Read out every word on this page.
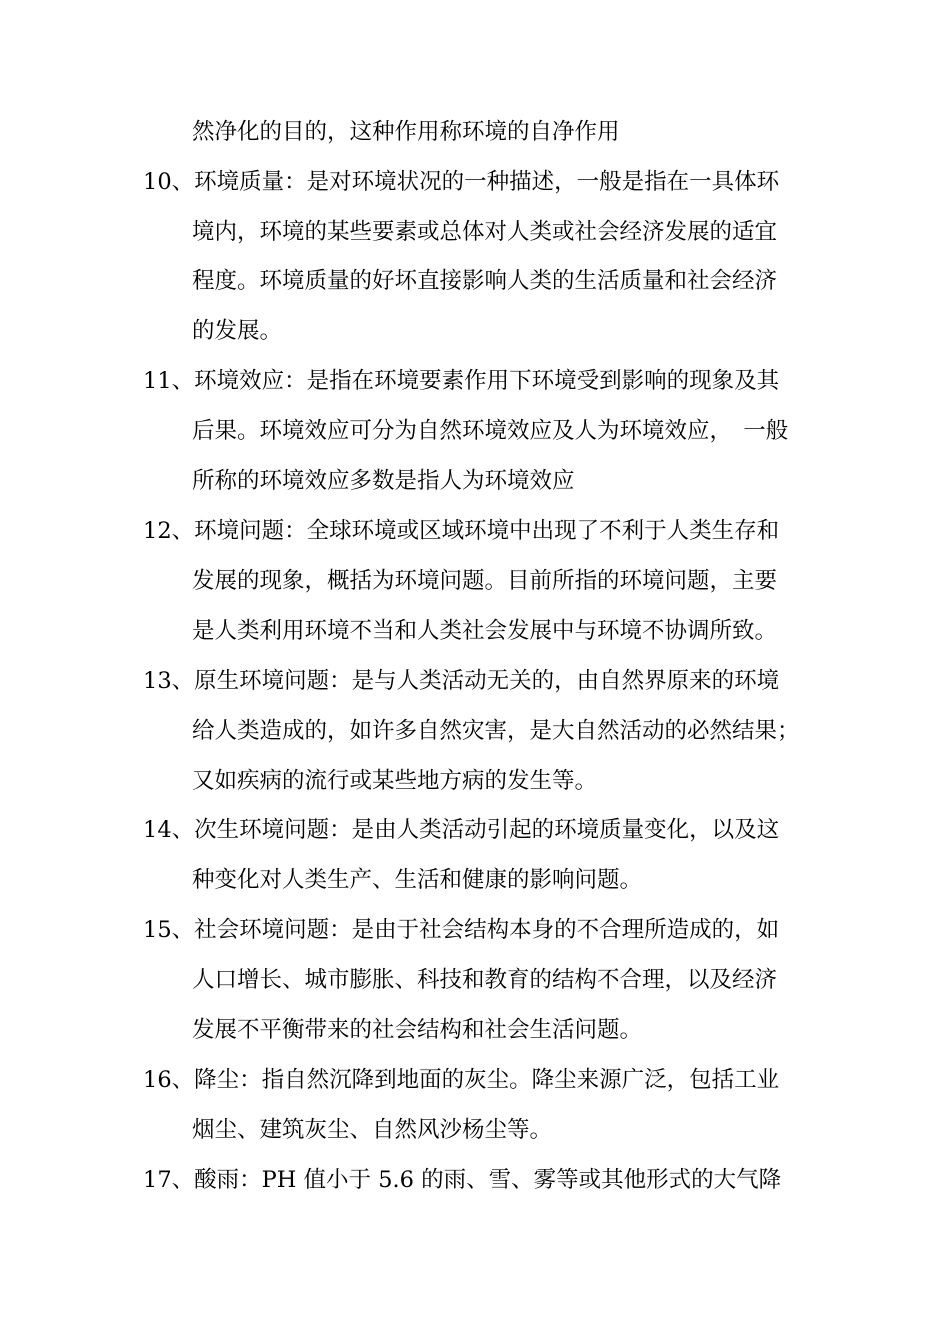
然净化的目的，这种作用称环境的自净作用
10、环境质量：是对环境状况的一种描述，一般是指在一具体环
境内，环境的某些要素或总体对人类或社会经济发展的适宜
程度。环境质量的好坏直接影响人类的生活质量和社会经济
的发展。
11、环境效应：是指在环境要素作用下环境受到影响的现象及其
后果。环境效应可分为自然环境效应及人为环境效应，　一般
所称的环境效应多数是指人为环境效应
12、环境问题：全球环境或区域环境中出现了不利于人类生存和
发展的现象，概括为环境问题。目前所指的环境问题，主要
是人类利用环境不当和人类社会发展中与环境不协调所致。
13、原生环境问题：是与人类活动无关的，由自然界原来的环境
给人类造成的，如许多自然灾害，是大自然活动的必然结果；
又如疾病的流行或某些地方病的发生等。
14、次生环境问题：是由人类活动引起的环境质量变化，以及这
种变化对人类生产、生活和健康的影响问题。
15、社会环境问题：是由于社会结构本身的不合理所造成的，如
人口增长、城市膨胀、科技和教育的结构不合理，以及经济
发展不平衡带来的社会结构和社会生活问题。
16、降尘：指自然沉降到地面的灰尘。降尘来源广泛，包括工业
烟尘、建筑灰尘、自然风沙杨尘等。
17、酸雨：PH 值小于 5.6 的雨、雪、雾等或其他形式的大气降
